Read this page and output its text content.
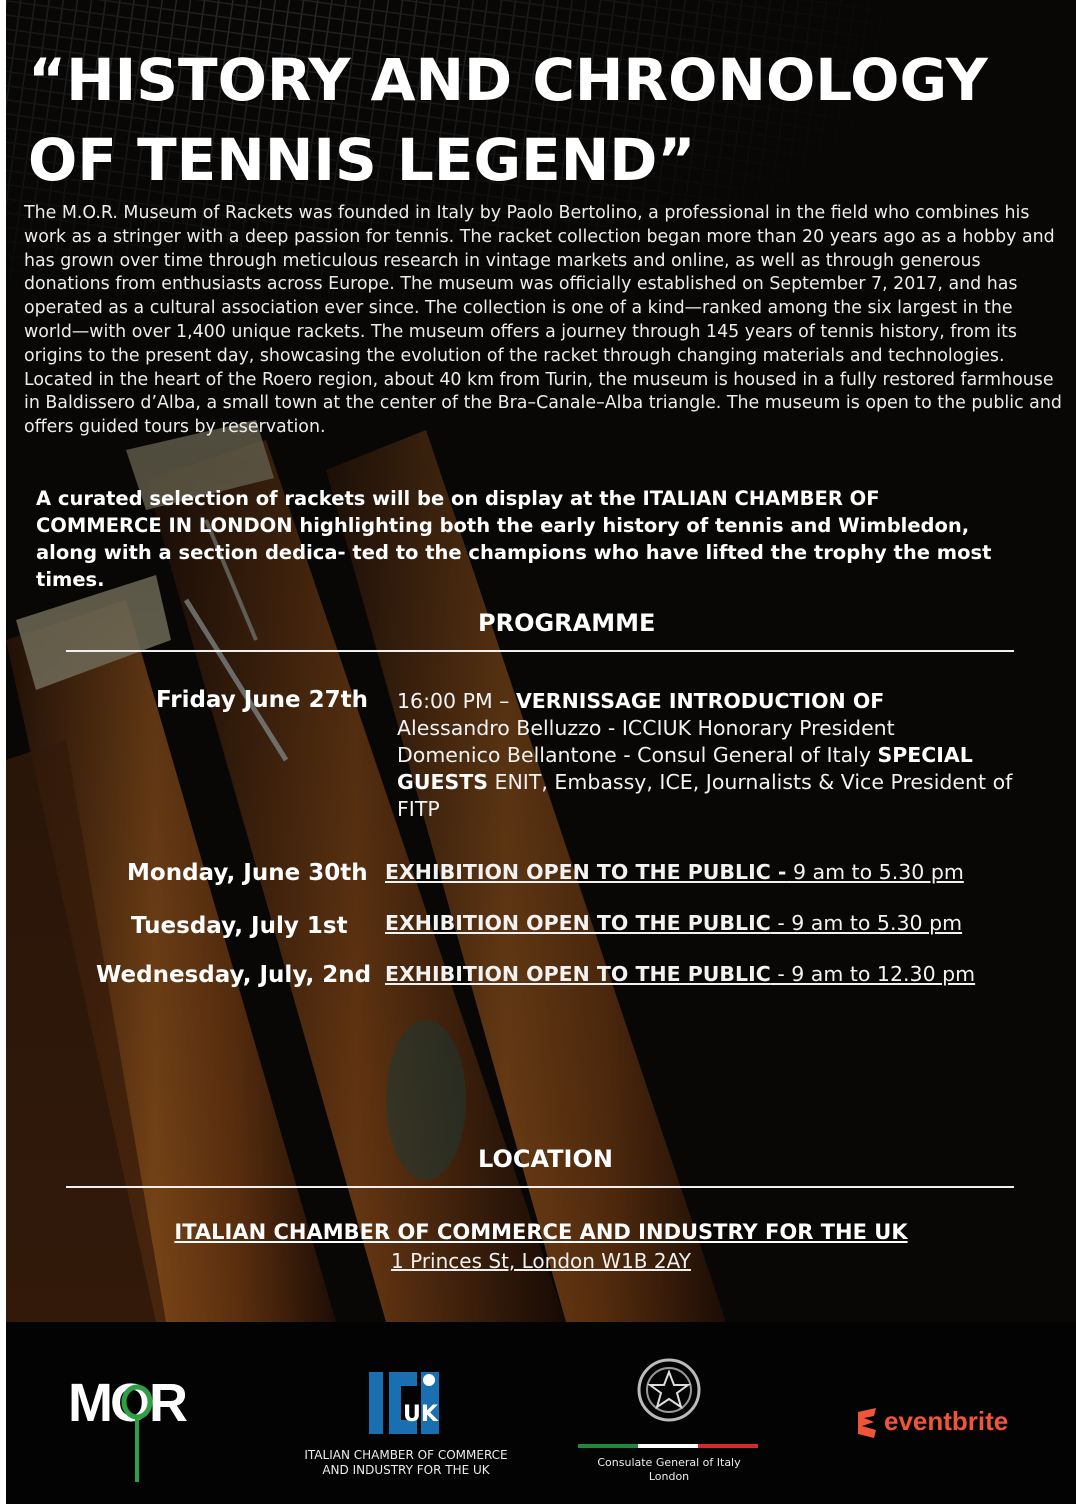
“HISTORY AND CHRONOLOGY OF TENNIS LEGEND”

The M.O.R. Museum of Rackets was founded in Italy by Paolo Bertolino, a professional in the field who combines his work as a stringer with a deep passion for tennis. The racket collection began more than 20 years ago as a hobby and has grown over time through meticulous research in vintage markets and online, as well as through generous donations from enthusiasts across Europe. The museum was officially established on September 7, 2017, and has operated as a cultural association ever since. The collection is one of a kind—ranked among the six largest in the world—with over 1,400 unique rackets. The museum offers a journey through 145 years of tennis history, from its origins to the present day, showcasing the evolution of the racket through changing materials and technologies. Located in the heart of the Roero region, about 40 km from Turin, the museum is housed in a fully restored farmhouse in Baldissero d’Alba, a small town at the center of the Bra–Canale–Alba triangle. The museum is open to the public and offers guided tours by reservation.

A curated selection of rackets will be on display at the ITALIAN CHAMBER OF COMMERCE IN LONDON highlighting both the early history of tennis and Wimbledon, along with a section dedica- ted to the champions who have lifted the trophy the most times.

PROGRAMME
Friday June 27th 16:00 PM – VERNISSAGE INTRODUCTION OF
Alessandro Belluzzo - ICCIUK Honorary President
Domenico Bellantone - Consul General of Italy SPECIAL GUESTS ENIT, Embassy, ICE, Journalists & Vice President of FITP
Monday, June 30th EXHIBITION OPEN TO THE PUBLIC - 9 am to 5.30 pm
Tuesday, July 1st EXHIBITION OPEN TO THE PUBLIC - 9 am to 5.30 pm
Wednesday, July, 2nd EXHIBITION OPEN TO THE PUBLIC - 9 am to 12.30 pm
LOCATION
ITALIAN CHAMBER OF COMMERCE AND INDUSTRY FOR THE UK
1 Princes St, London W1B 2AY
MOR	UK
ITALIAN CHAMBER OF COMMERCE
AND INDUSTRY FOR THE UK
Consulate General of Italy
London
eventbrite
